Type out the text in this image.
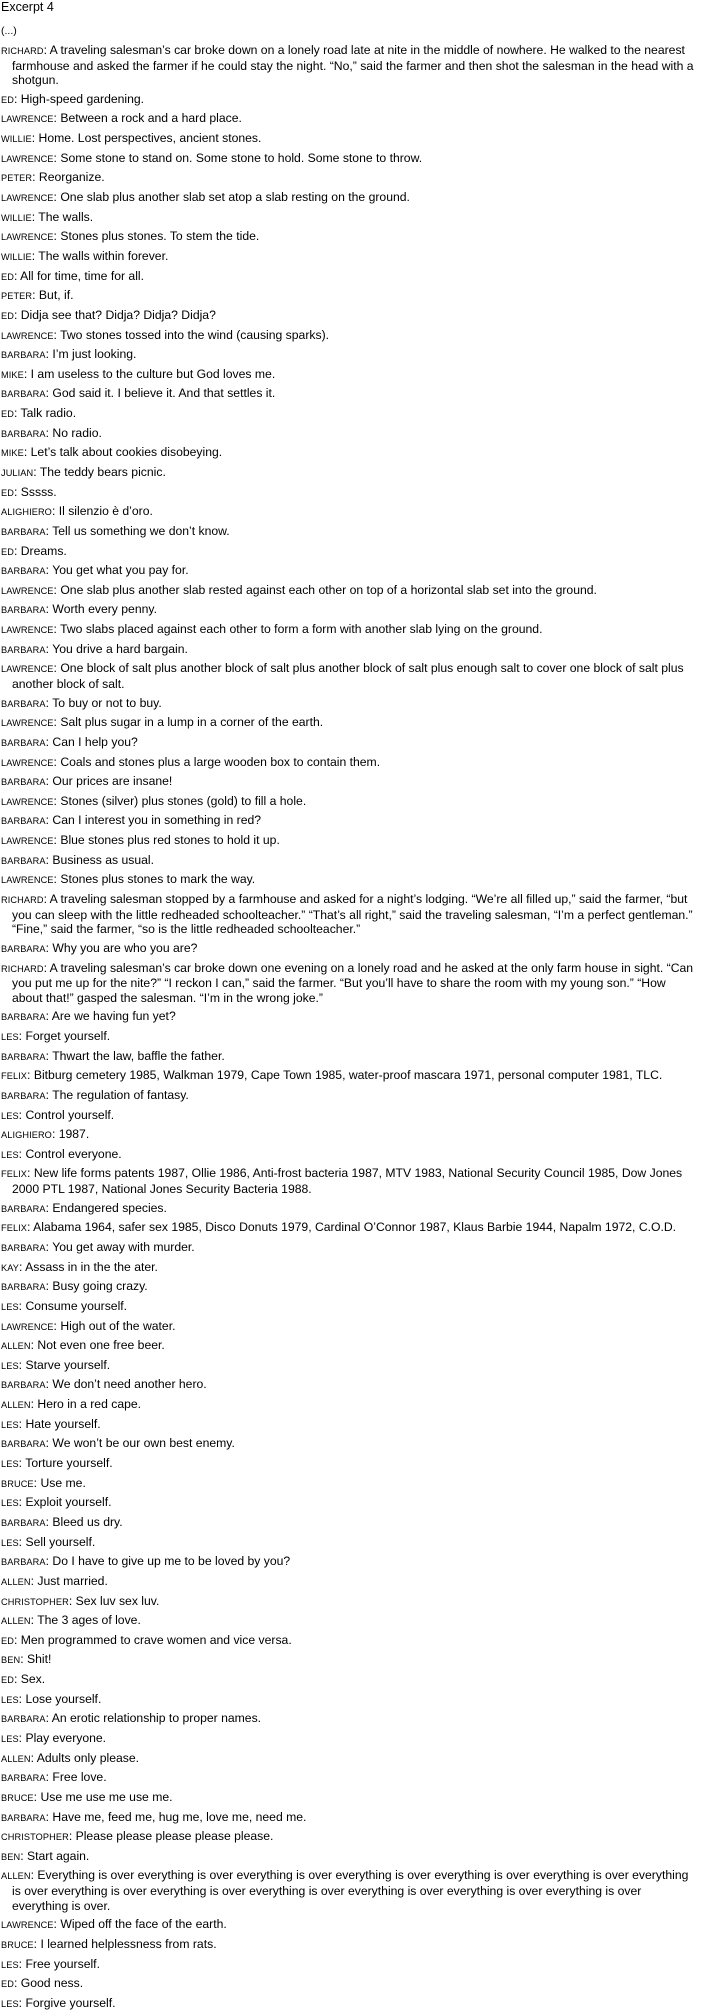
Excerpt 4
(...)
RICHARD: A traveling salesman’s car broke down on a lonely road late at nite in the middle of nowhere. He walked to the nearest farmhouse and asked the farmer if he could stay the night. “No,” said the farmer and then shot the salesman in the head with a shotgun.
ED: High-speed gardening.
LAWRENCE: Between a rock and a hard place.
WILLIE: Home. Lost perspectives, ancient stones.
LAWRENCE: Some stone to stand on. Some stone to hold. Some stone to throw.
PETER: Reorganize.
LAWRENCE: One slab plus another slab set atop a slab resting on the ground.
WILLIE: The walls.
LAWRENCE: Stones plus stones. To stem the tide.
WILLIE: The walls within forever.
ED: All for time, time for all.
PETER: But, if.
ED: Didja see that? Didja? Didja? Didja?
LAWRENCE: Two stones tossed into the wind (causing sparks).
BARBARA: I’m just looking.
MIKE: I am useless to the culture but God loves me.
BARBARA: God said it. I believe it. And that settles it.
ED: Talk radio.
BARBARA: No radio.
MIKE: Let’s talk about cookies disobeying.
JULIAN: The teddy bears picnic.
ED: Sssss.
ALIGHIERO: Il silenzio è d’oro.
BARBARA: Tell us something we don’t know.
ED: Dreams.
BARBARA: You get what you pay for.
LAWRENCE: One slab plus another slab rested against each other on top of a horizontal slab set into the ground.
BARBARA: Worth every penny.
LAWRENCE: Two slabs placed against each other to form a form with another slab lying on the ground.
BARBARA: You drive a hard bargain.
LAWRENCE: One block of salt plus another block of salt plus another block of salt plus enough salt to cover one block of salt plus another block of salt.
BARBARA: To buy or not to buy.
LAWRENCE: Salt plus sugar in a lump in a corner of the earth.
BARBARA: Can I help you?
LAWRENCE: Coals and stones plus a large wooden box to contain them.
BARBARA: Our prices are insane!
LAWRENCE: Stones (silver) plus stones (gold) to fill a hole.
BARBARA: Can I interest you in something in red?
LAWRENCE: Blue stones plus red stones to hold it up.
BARBARA: Business as usual.
LAWRENCE: Stones plus stones to mark the way.
RICHARD: A traveling salesman stopped by a farmhouse and asked for a night’s lodging. “We’re all filled up,” said the farmer, “but you can sleep with the little redheaded schoolteacher.” “That’s all right,” said the traveling salesman, “I’m a perfect gentleman.” “Fine,” said the farmer, “so is the little redheaded schoolteacher.”
BARBARA: Why you are who you are?
RICHARD: A traveling salesman’s car broke down one evening on a lonely road and he asked at the only farm house in sight. “Can you put me up for the nite?” “I reckon I can,” said the farmer. “But you’ll have to share the room with my young son.” “How about that!” gasped the salesman. “I’m in the wrong joke.”
BARBARA: Are we having fun yet?
LES: Forget yourself.
BARBARA: Thwart the law, baffle the father.
FELIX: Bitburg cemetery 1985, Walkman 1979, Cape Town 1985, water-proof mascara 1971, personal computer 1981, TLC.
BARBARA: The regulation of fantasy.
LES: Control yourself.
ALIGHIERO: 1987.
LES: Control everyone.
FELIX: New life forms patents 1987, Ollie 1986, Anti-frost bacteria 1987, MTV 1983, National Security Council 1985, Dow Jones 2000 PTL 1987, National Jones Security Bacteria 1988.
BARBARA: Endangered species.
FELIX: Alabama 1964, safer sex 1985, Disco Donuts 1979, Cardinal O’Connor 1987, Klaus Barbie 1944, Napalm 1972, C.O.D.
BARBARA: You get away with murder.
KAY: Assass in in the the ater.
BARBARA: Busy going crazy.
LES: Consume yourself.
LAWRENCE: High out of the water.
ALLEN: Not even one free beer.
LES: Starve yourself.
BARBARA: We don’t need another hero.
ALLEN: Hero in a red cape.
LES: Hate yourself.
BARBARA: We won’t be our own best enemy.
LES: Torture yourself.
BRUCE: Use me.
LES: Exploit yourself.
BARBARA: Bleed us dry.
LES: Sell yourself.
BARBARA: Do I have to give up me to be loved by you?
ALLEN: Just married.
CHRISTOPHER: Sex luv sex luv.
ALLEN: The 3 ages of love.
ED: Men programmed to crave women and vice versa.
BEN: Shit!
ED: Sex.
LES: Lose yourself.
BARBARA: An erotic relationship to proper names.
LES: Play everyone.
ALLEN: Adults only please.
BARBARA: Free love.
BRUCE: Use me use me use me.
BARBARA: Have me, feed me, hug me, love me, need me.
CHRISTOPHER: Please please please please please.
BEN: Start again.
ALLEN: Everything is over everything is over everything is over everything is over everything is over everything is over everything is over everything is over everything is over everything is over everything is over everything is over everything is over everything is over.
LAWRENCE: Wiped off the face of the earth.
BRUCE: I learned helplessness from rats.
LES: Free yourself.
ED: Good ness.
LES: Forgive yourself.
